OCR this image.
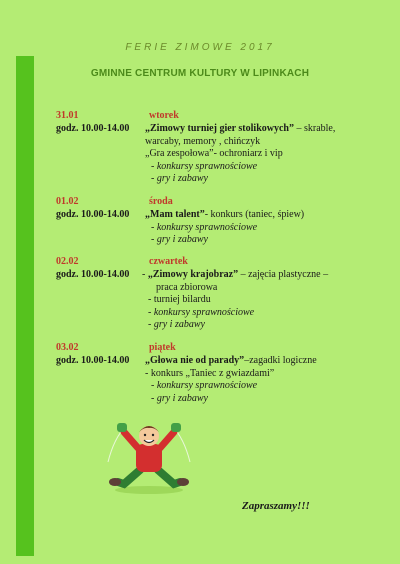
FERIE ZIMOWE 2017
GMINNE CENTRUM KULTURY W LIPINKACH
31.01	wtorek
godz. 10.00-14.00 „Zimowy turniej gier stolikowych” – skrable,
warcaby, memory , chińczyk
„Gra zespołowa”- ochroniarz i vip
- konkursy sprawnościowe
- gry i zabawy
01.02	środa
godz. 10.00-14.00 „Mam talent”- konkurs (taniec, śpiew)
- konkursy sprawnościowe
- gry i zabawy
02.02	czwartek
godz. 10.00-14.00 - „Zimowy krajobraz” – zajęcia plastyczne –
praca zbiorowa
- turniej bilardu
- konkursy sprawnościowe
- gry i zabawy
03.02	piątek
godz. 10.00-14.00 „Głowa nie od parady”–zagadki logiczne
- konkurs „Taniec z gwiazdami”
- konkursy sprawnościowe
- gry i zabawy
Zapraszamy!!!
